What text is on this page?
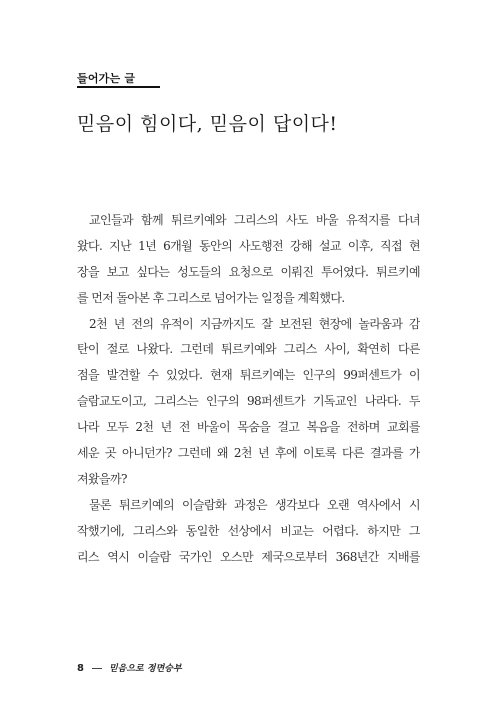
들어가는 글
믿음이 힘이다, 믿음이 답이다!
교인들과 함께 튀르키예와 그리스의 사도 바울 유적지를 다녀
왔다. 지난 1년 6개월 동안의 사도행전 강해 설교 이후, 직접 현
장을 보고 싶다는 성도들의 요청으로 이뤄진 투어였다. 튀르키예
를 먼저 돌아본 후 그리스로 넘어가는 일정을 계획했다.
2천 년 전의 유적이 지금까지도 잘 보전된 현장에 놀라움과 감
탄이 절로 나왔다. 그런데 튀르키예와 그리스 사이, 확연히 다른
점을 발견할 수 있었다. 현재 튀르키예는 인구의 99퍼센트가 이
슬람교도이고, 그리스는 인구의 98퍼센트가 기독교인 나라다. 두
나라 모두 2천 년 전 바울이 목숨을 걸고 복음을 전하며 교회를
세운 곳 아니던가? 그런데 왜 2천 년 후에 이토록 다른 결과를 가
져왔을까?
물론 튀르키예의 이슬람화 과정은 생각보다 오랜 역사에서 시
작했기에, 그리스와 동일한 선상에서 비교는 어렵다. 하지만 그
리스 역시 이슬람 국가인 오스만 제국으로부터 368년간 지배를
8	믿음으로 정면승부
